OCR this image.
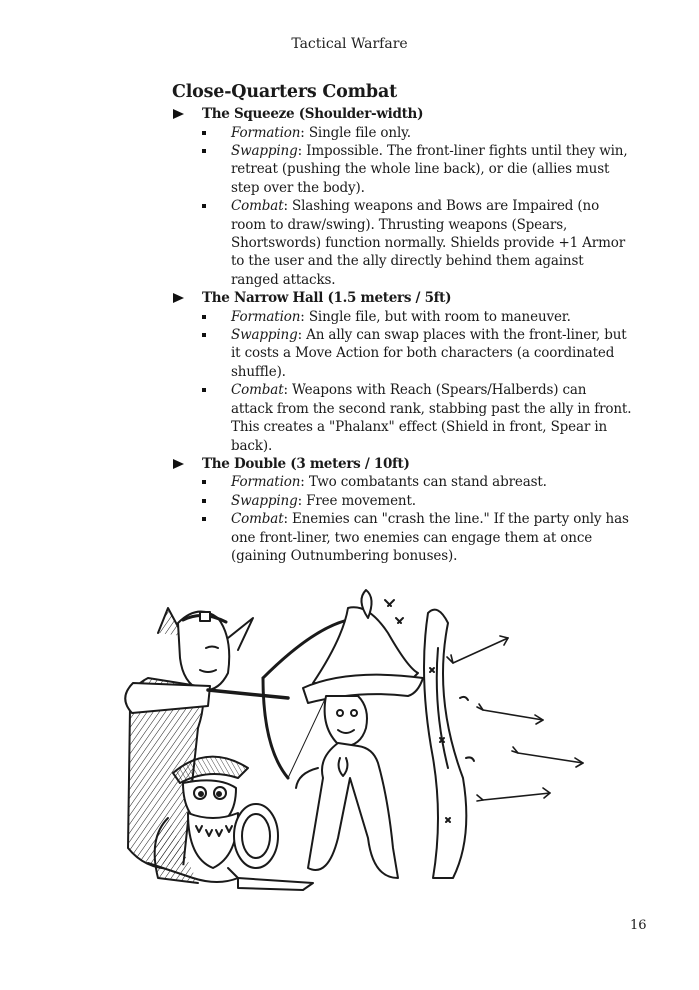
Tactical Warfare
Close-Quarters Combat
The Squeeze (Shoulder-width)
Formation: Single file only.
Swapping: Impossible. The front-liner fights until they win, retreat (pushing the whole line back), or die (allies must step over the body).
Combat: Slashing weapons and Bows are Impaired (no room to draw/swing). Thrusting weapons (Spears, Shortswords) function normally. Shields provide +1 Armor to the user and the ally directly behind them against ranged attacks.
The Narrow Hall (1.5 meters / 5ft)
Formation: Single file, but with room to maneuver.
Swapping: An ally can swap places with the front-liner, but it costs a Move Action for both characters (a coordinated shuffle).
Combat: Weapons with Reach (Spears/Halberds) can attack from the second rank, stabbing past the ally in front. This creates a "Phalanx" effect (Shield in front, Spear in back).
The Double (3 meters / 10ft)
Formation: Two combatants can stand abreast.
Swapping: Free movement.
Combat: Enemies can "crash the line." If the party only has one front-liner, two enemies can engage them at once (gaining Outnumbering bonuses).
16
